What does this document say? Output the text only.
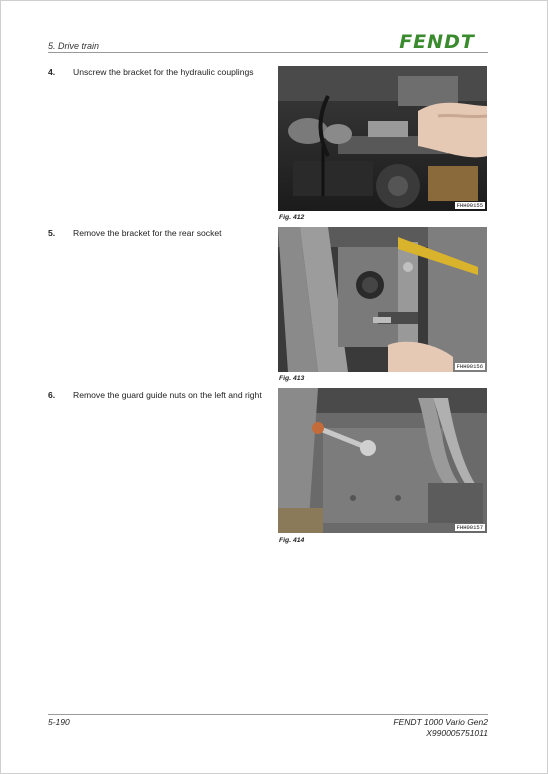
5. Drive train	FENDT
4. Unscrew the bracket for the hydraulic couplings
FHH00155
Fig. 412
5. Remove the bracket for the rear socket
FHH00156
Fig. 413
6. Remove the guard guide nuts on the left and right
FHH00157
Fig. 414
5-190	FENDT 1000 Vario Gen2
X990005751011
